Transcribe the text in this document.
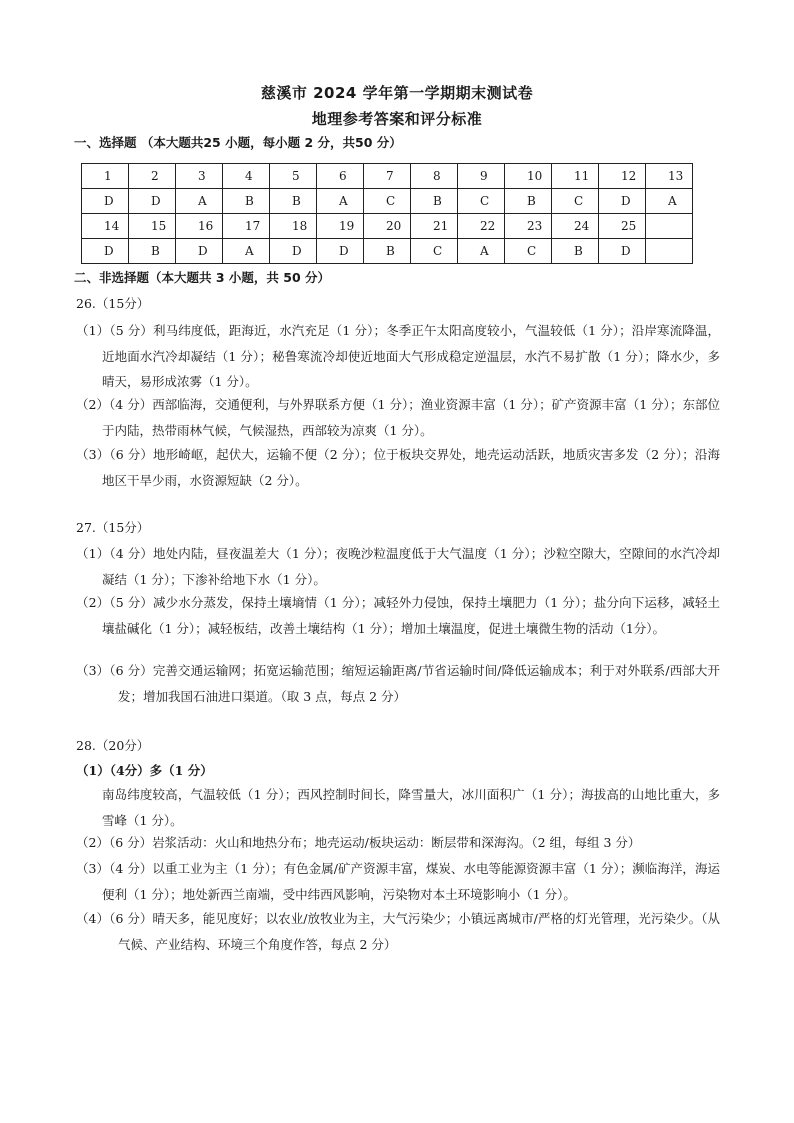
慈溪市 2024 学年第一学期期末测试卷
地理参考答案和评分标准
一、选择题 （本大题共25 小题，每小题 2 分，共50 分）
1	2	3	4	5	6	7	8	9	10	11	12	13
D	D	A	B	B	A	C	B	C	B	C	D	A
14	15	16	17	18	19	20	21	22	23	24	25	
D	B	D	A	D	D	B	C	A	C	B	D	
二、非选择题（本大题共 3 小题，共 50 分）
26.（15分）
（1）（5 分）利马纬度低，距海近，水汽充足（1 分）；冬季正午太阳高度较小，气温较低（1 分）；沿岸寒流降温，近地面水汽冷却凝结（1 分）；秘鲁寒流冷却使近地面大气形成稳定逆温层，水汽不易扩散（1 分）；降水少，多晴天，易形成浓雾（1 分）。
（2）（4 分）西部临海，交通便利，与外界联系方便（1 分）；渔业资源丰富（1 分）；矿产资源丰富（1 分）；东部位于内陆，热带雨林气候，气候湿热，西部较为凉爽（1 分）。
（3）（6 分）地形崎岖，起伏大，运输不便（2 分）；位于板块交界处，地壳运动活跃，地质灾害多发（2 分）；沿海地区干旱少雨，水资源短缺（2 分）。
27.（15分）
（1）（4 分）地处内陆，昼夜温差大（1 分）；夜晚沙粒温度低于大气温度（1 分）；沙粒空隙大，空隙间的水汽冷却凝结（1 分）；下渗补给地下水（1 分）。
（2）（5 分）减少水分蒸发，保持土壤墒情（1 分）；减轻外力侵蚀，保持土壤肥力（1 分）；盐分向下运移，减轻土壤盐碱化（1 分）；减轻板结，改善土壤结构（1 分）；增加土壤温度，促进土壤微生物的活动（1分）。
（3）（6 分）完善交通运输网；拓宽运输范围；缩短运输距离/节省运输时间/降低运输成本；利于对外联系/西部大开发；增加我国石油进口渠道。（取 3 点，每点 2 分）
28.（20分）
（1）（4分）多（1 分）
南岛纬度较高，气温较低（1 分）；西风控制时间长，降雪量大，冰川面积广（1 分）；海拔高的山地比重大，多雪峰（1 分）。
（2）（6 分）岩浆活动：火山和地热分布；地壳运动/板块运动：断层带和深海沟。（2 组，每组 3 分）
（3）（4 分）以重工业为主（1 分）；有色金属/矿产资源丰富，煤炭、水电等能源资源丰富（1 分）；濒临海洋，海运便利（1 分）；地处新西兰南端，受中纬西风影响，污染物对本土环境影响小（1 分）。
（4）（6 分）晴天多，能见度好；以农业/放牧业为主，大气污染少；小镇远离城市/严格的灯光管理，光污染少。（从气候、产业结构、环境三个角度作答，每点 2 分）
